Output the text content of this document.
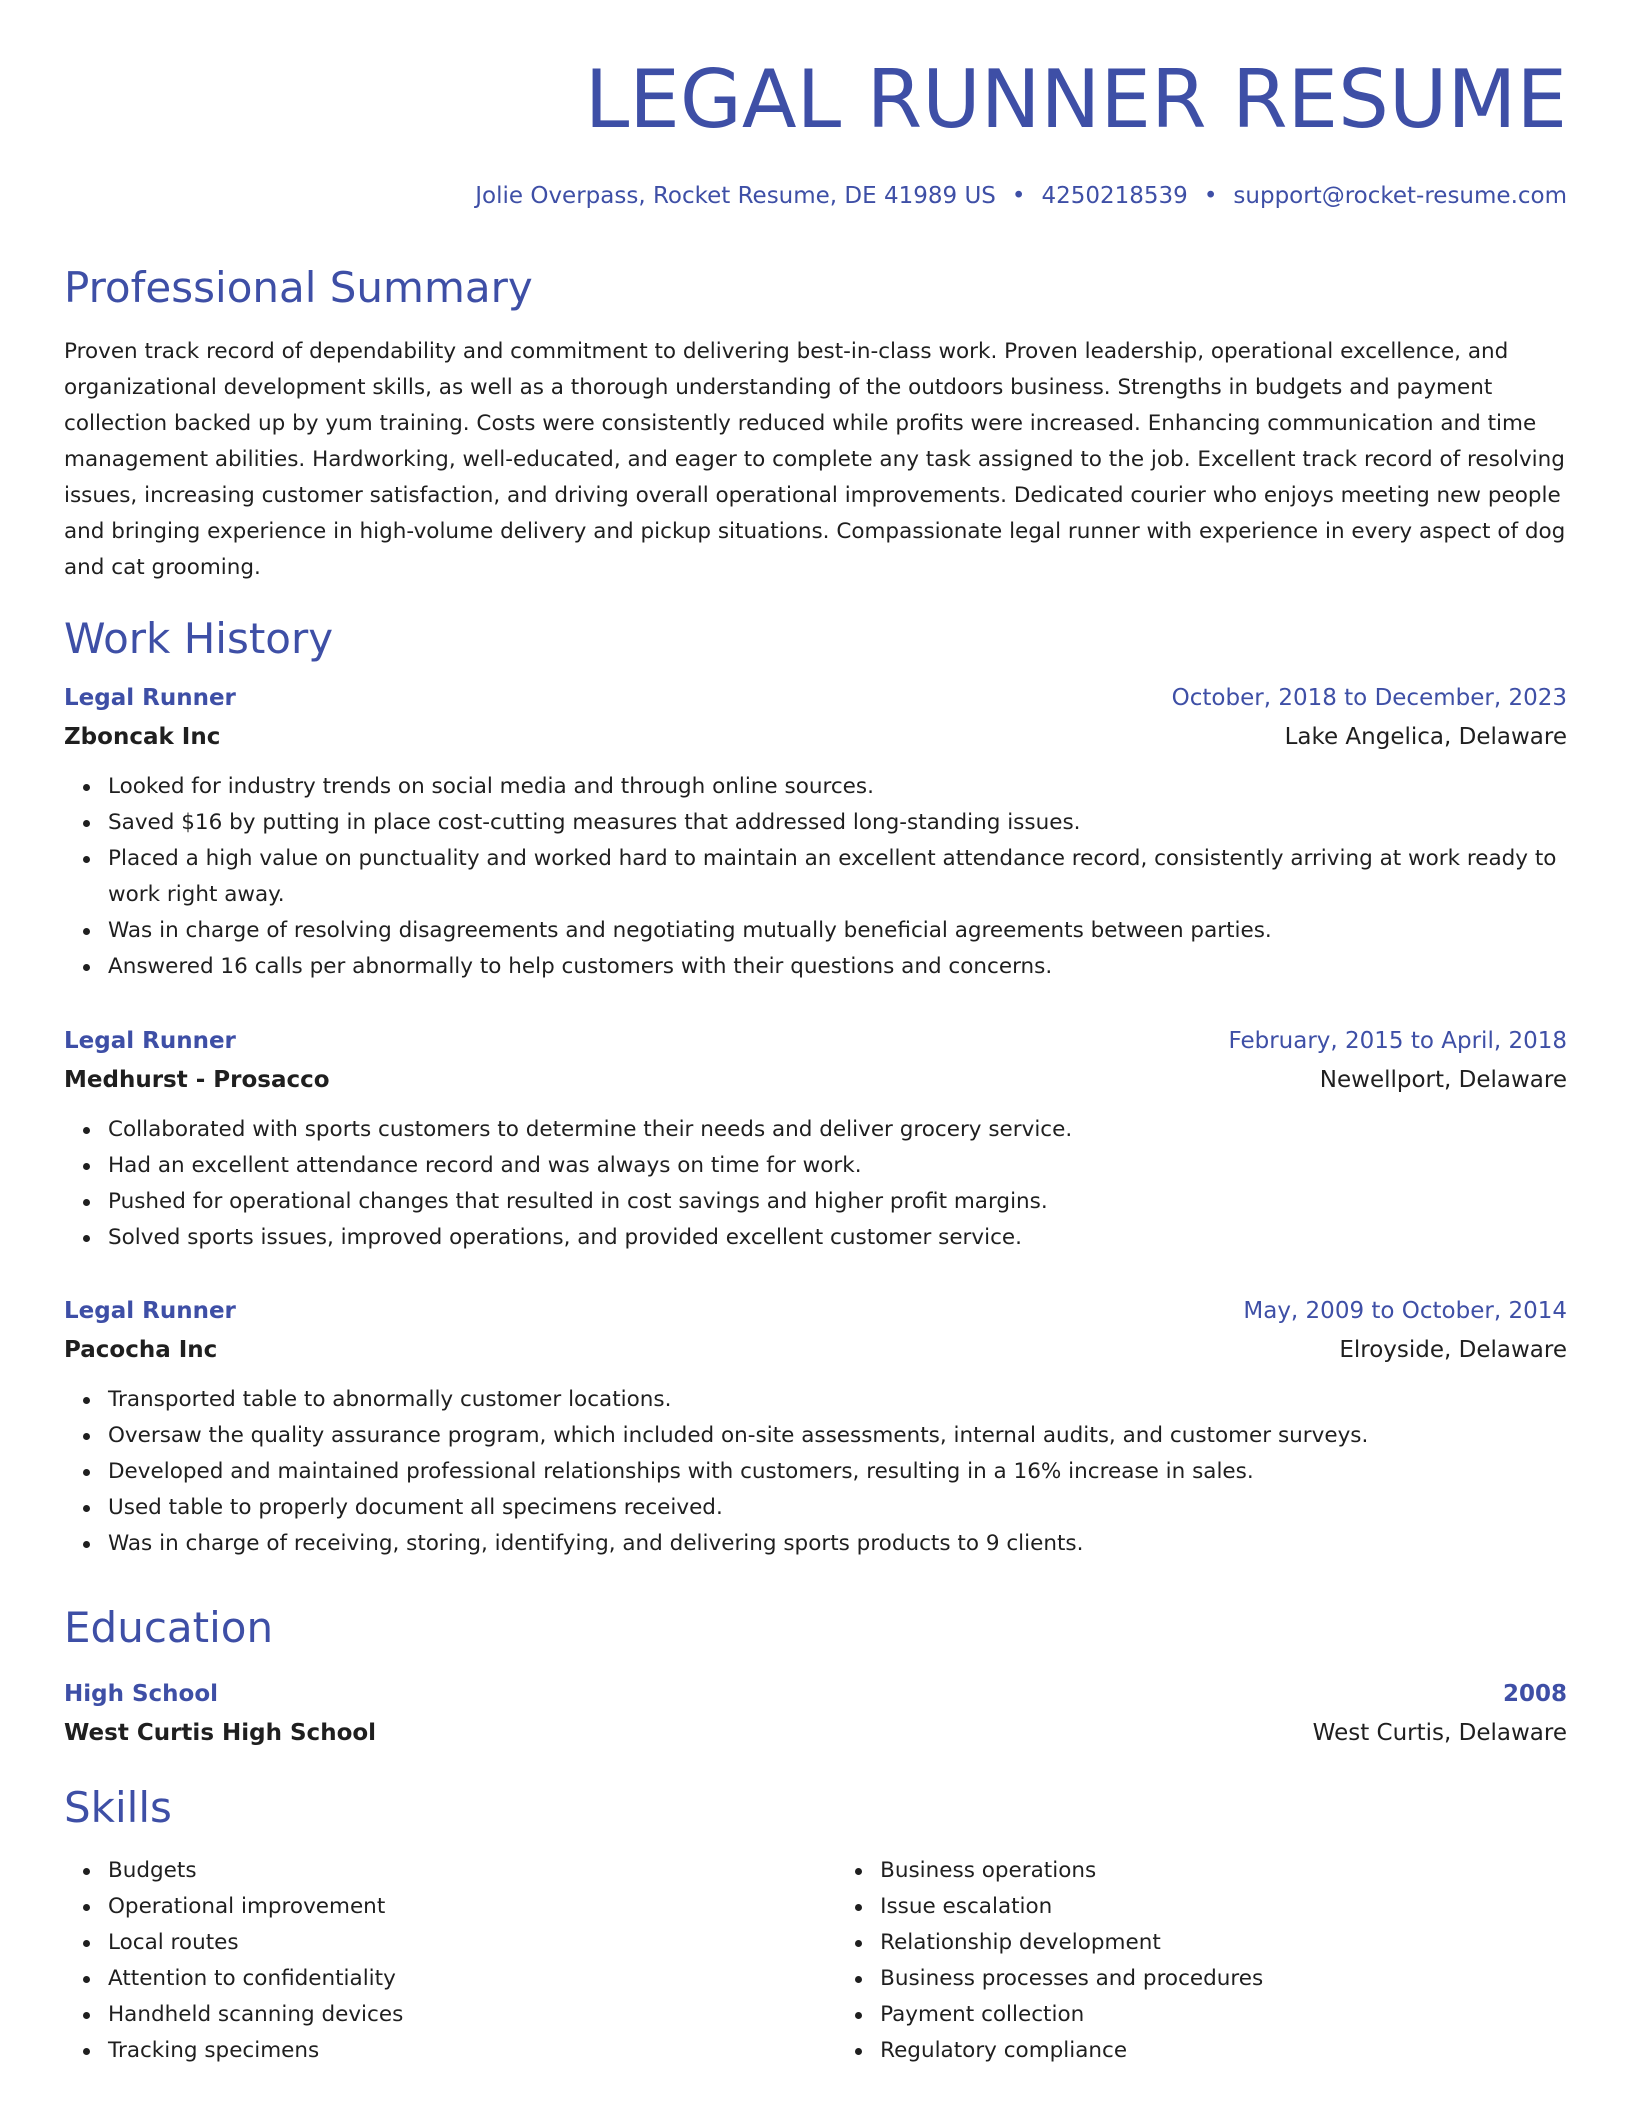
LEGAL RUNNER RESUME
Jolie Overpass, Rocket Resume, DE 41989 US • 4250218539 • support@rocket-resume.com
Professional Summary

Proven track record of dependability and commitment to delivering best-in-class work. Proven leadership, operational excellence, and organizational development skills, as well as a thorough understanding of the outdoors business. Strengths in budgets and payment collection backed up by yum training. Costs were consistently reduced while profits were increased. Enhancing communication and time management abilities. Hardworking, well-educated, and eager to complete any task assigned to the job. Excellent track record of resolving issues, increasing customer satisfaction, and driving overall operational improvements. Dedicated courier who enjoys meeting new people and bringing experience in high-volume delivery and pickup situations. Compassionate legal runner with experience in every aspect of dog and cat grooming.

Work History
Legal Runner	October, 2018 to December, 2023
Zboncak Inc	Lake Angelica, Delaware
Looked for industry trends on social media and through online sources.
Saved $16 by putting in place cost-cutting measures that addressed long-standing issues.
Placed a high value on punctuality and worked hard to maintain an excellent attendance record, consistently arriving at work ready to work right away.
Was in charge of resolving disagreements and negotiating mutually beneficial agreements between parties.
Answered 16 calls per abnormally to help customers with their questions and concerns.
Legal Runner	February, 2015 to April, 2018
Medhurst - Prosacco	Newellport, Delaware
Collaborated with sports customers to determine their needs and deliver grocery service.
Had an excellent attendance record and was always on time for work.
Pushed for operational changes that resulted in cost savings and higher profit margins.
Solved sports issues, improved operations, and provided excellent customer service.
Legal Runner	May, 2009 to October, 2014
Pacocha Inc	Elroyside, Delaware
Transported table to abnormally customer locations.
Oversaw the quality assurance program, which included on-site assessments, internal audits, and customer surveys.
Developed and maintained professional relationships with customers, resulting in a 16% increase in sales.
Used table to properly document all specimens received.
Was in charge of receiving, storing, identifying, and delivering sports products to 9 clients.
Education
High School	2008
West Curtis High School	West Curtis, Delaware
Skills
Budgets
Operational improvement
Local routes
Attention to confidentiality
Handheld scanning devices
Tracking specimens
Business operations
Issue escalation
Relationship development
Business processes and procedures
Payment collection
Regulatory compliance
